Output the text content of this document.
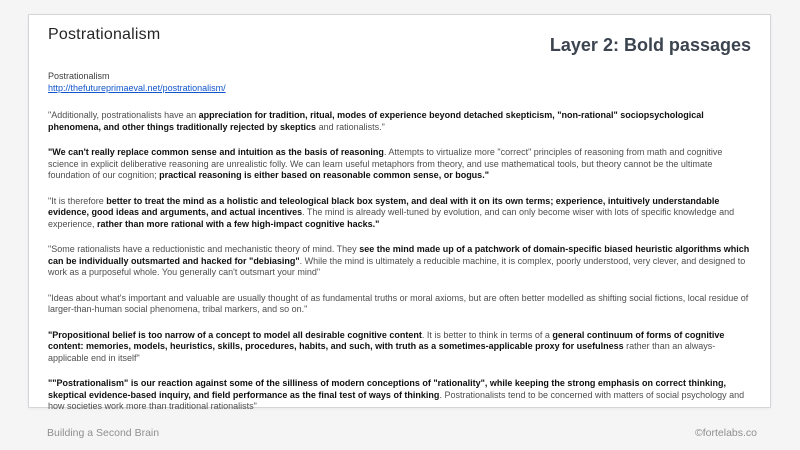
Postrationalism
Layer 2: Bold passages
Postrationalism
http://thefutureprimaeval.net/postrationalism/

"Additionally, postrationalists have an appreciation for tradition, ritual, modes of experience beyond detached skepticism, "non-rational" sociopsychological phenomena, and other things traditionally rejected by skeptics and rationalists."

"We can't really replace common sense and intuition as the basis of reasoning. Attempts to virtualize more "correct" principles of reasoning from math and cognitive science in explicit deliberative reasoning are unrealistic folly. We can learn useful metaphors from theory, and use mathematical tools, but theory cannot be the ultimate foundation of our cognition; practical reasoning is either based on reasonable common sense, or bogus."

"It is therefore better to treat the mind as a holistic and teleological black box system, and deal with it on its own terms; experience, intuitively understandable evidence, good ideas and arguments, and actual incentives. The mind is already well-tuned by evolution, and can only become wiser with lots of specific knowledge and experience, rather than more rational with a few high-impact cognitive hacks."

"Some rationalists have a reductionistic and mechanistic theory of mind. They see the mind made up of a patchwork of domain-specific biased heuristic algorithms which can be individually outsmarted and hacked for "debiasing". While the mind is ultimately a reducible machine, it is complex, poorly understood, very clever, and designed to work as a purposeful whole. You generally can't outsmart your mind"

"Ideas about what's important and valuable are usually thought of as fundamental truths or moral axioms, but are often better modelled as shifting social fictions, local residue of larger-than-human social phenomena, tribal markers, and so on."

"Propositional belief is too narrow of a concept to model all desirable cognitive content. It is better to think in terms of a general continuum of forms of cognitive content: memories, models, heuristics, skills, procedures, habits, and such, with truth as a sometimes-applicable proxy for usefulness rather than an always-applicable end in itself"

""Postrationalism" is our reaction against some of the silliness of modern conceptions of "rationality", while keeping the strong emphasis on correct thinking, skeptical evidence-based inquiry, and field performance as the final test of ways of thinking. Postrationalists tend to be concerned with matters of social psychology and how societies work more than traditional rationalists"

Building a Second Brain	©fortelabs.co
